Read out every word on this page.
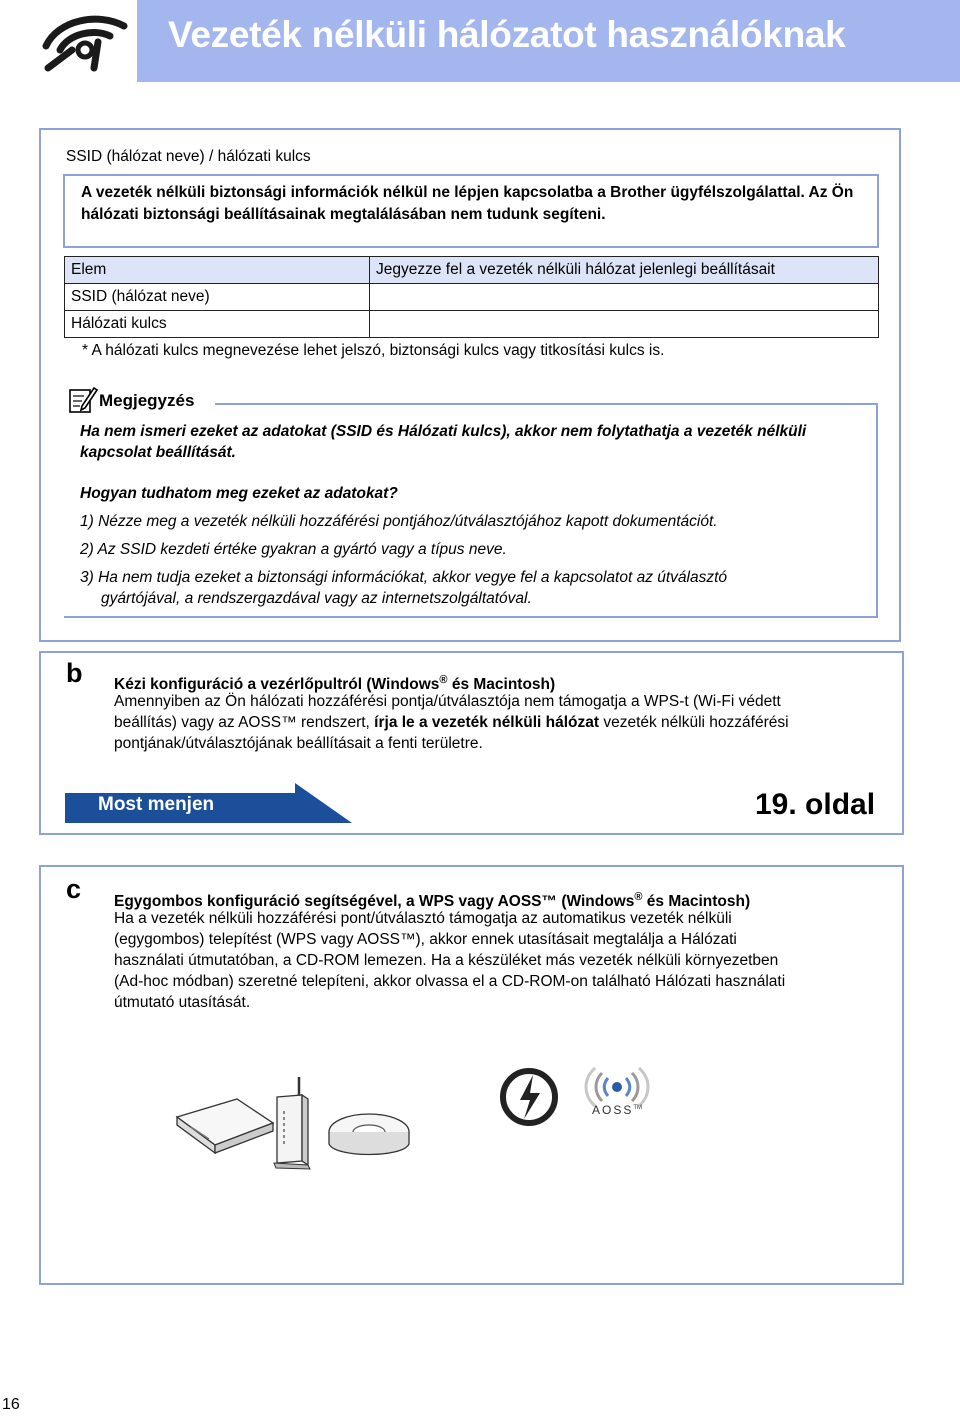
Vezeték nélküli hálózatot használóknak
SSID (hálózat neve) / hálózati kulcs

A vezeték nélküli biztonsági információk nélkül ne lépjen kapcsolatba a Brother ügyfélszolgálattal. Az Ön hálózati biztonsági beállításainak megtalálásában nem tudunk segíteni.

Elem	Jegyezze fel a vezeték nélküli hálózat jelenlegi beállításait
SSID (hálózat neve)	
Hálózati kulcs	
* A hálózati kulcs megnevezése lehet jelszó, biztonsági kulcs vagy titkosítási kulcs is.
Megjegyzés
Ha nem ismeri ezeket az adatokat (SSID és Hálózati kulcs), akkor nem folytathatja a vezeték nélküli kapcsolat beállítását.
Hogyan tudhatom meg ezeket az adatokat?
1) Nézze meg a vezeték nélküli hozzáférési pontjához/útválasztójához kapott dokumentációt.
2) Az SSID kezdeti értéke gyakran a gyártó vagy a típus neve.
3) Ha nem tudja ezeket a biztonsági információkat, akkor vegye fel a kapcsolatot az útválasztó
gyártójával, a rendszergazdával vagy az internetszolgáltatóval.
b Kézi konfiguráció a vezérlőpultról (Windows® és Macintosh)
Amennyiben az Ön hálózati hozzáférési pontja/útválasztója nem támogatja a WPS-t (Wi-Fi védett
beállítás) vagy az AOSS™ rendszert, írja le a vezeték nélküli hálózat vezeték nélküli hozzáférési
pontjának/útválasztójának beállításait a fenti területre.
Most menjen	19. oldal
c Egygombos konfiguráció segítségével, a WPS vagy AOSS™ (Windows® és Macintosh)
Ha a vezeték nélküli hozzáférési pont/útválasztó támogatja az automatikus vezeték nélküli
(egygombos) telepítést (WPS vagy AOSS™), akkor ennek utasításait megtalálja a Hálózati
használati útmutatóban, a CD-ROM lemezen. Ha a készüléket más vezeték nélküli környezetben
(Ad-hoc módban) szeretné telepíteni, akkor olvassa el a CD-ROM-on található Hálózati használati
útmutató utasítását.
AOSS™
16
